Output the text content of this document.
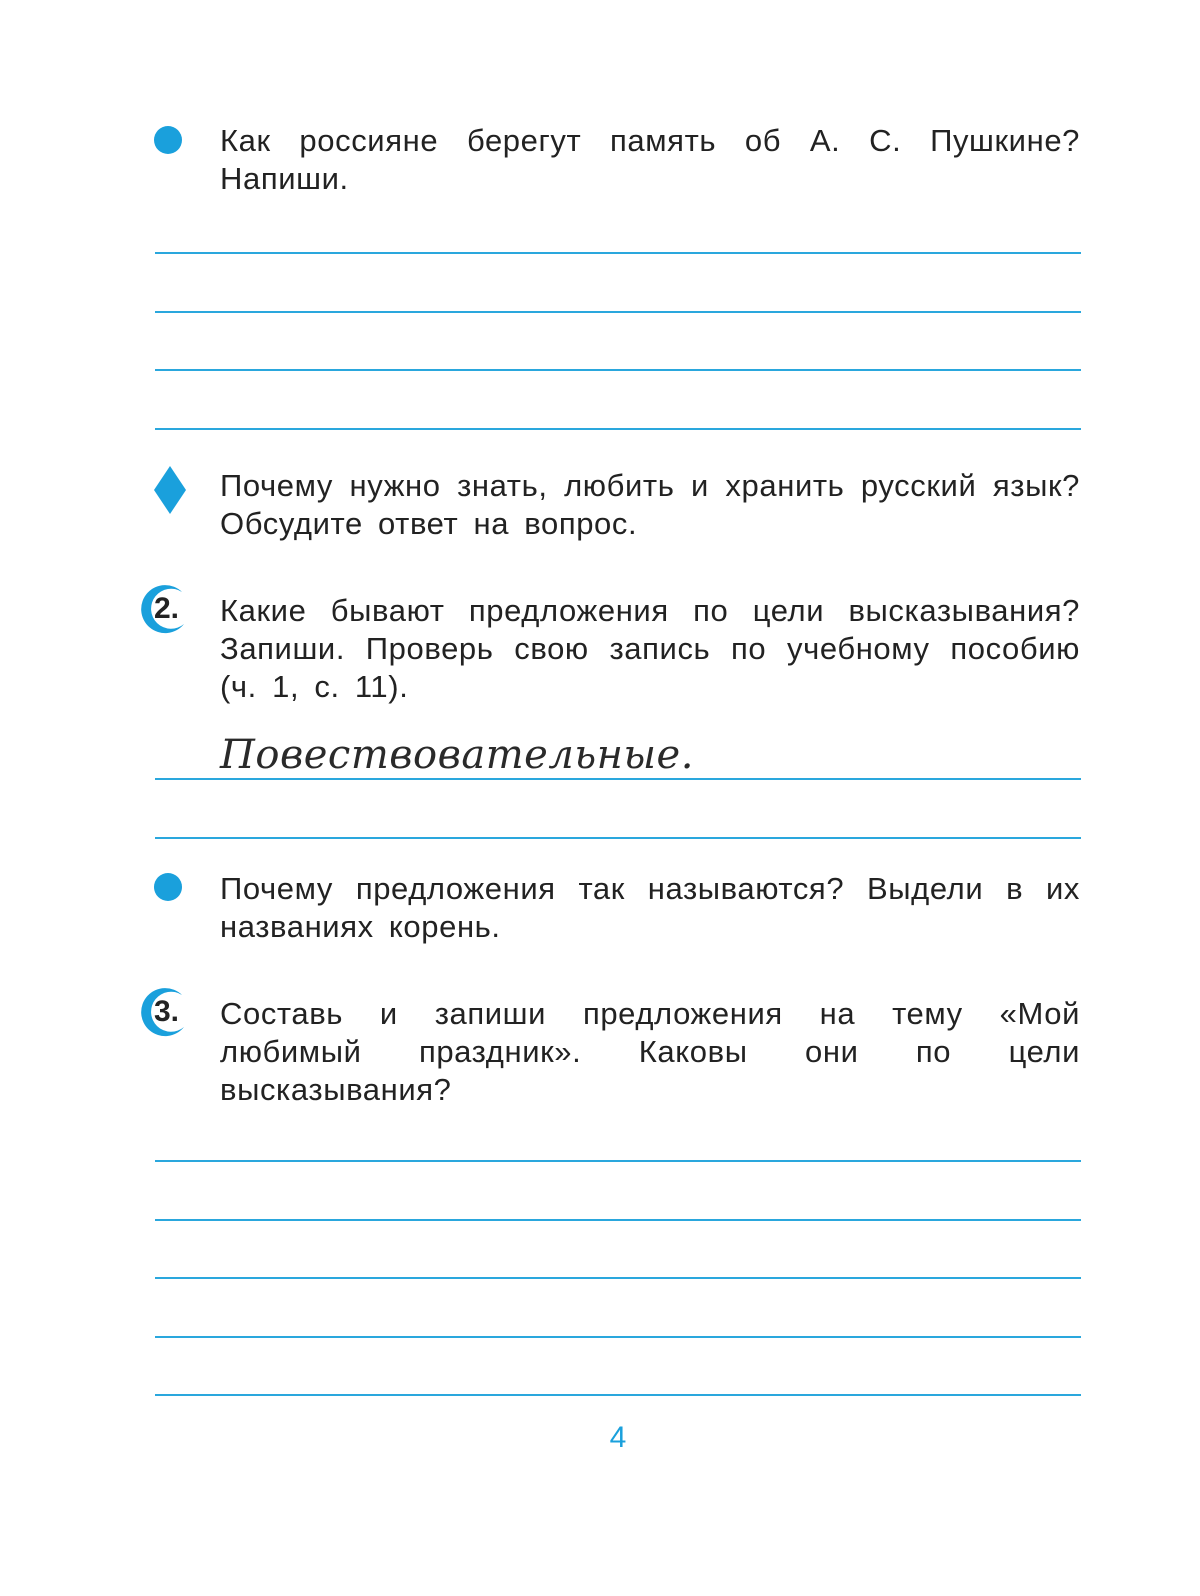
Как россияне берегут память об А. С. Пушкине? Напиши.

Почему нужно знать, любить и хранить русский язык? Обсудите ответ на вопрос.

2. Какие бывают предложения по цели высказывания? Запиши. Проверь свою запись по учебному пособию (ч. 1, с. 11).

Повествовательные.

Почему предложения так называются? Выдели в их названиях корень.

3. Составь и запиши предложения на тему «Мой любимый праздник». Каковы они по цели высказывания?

4
